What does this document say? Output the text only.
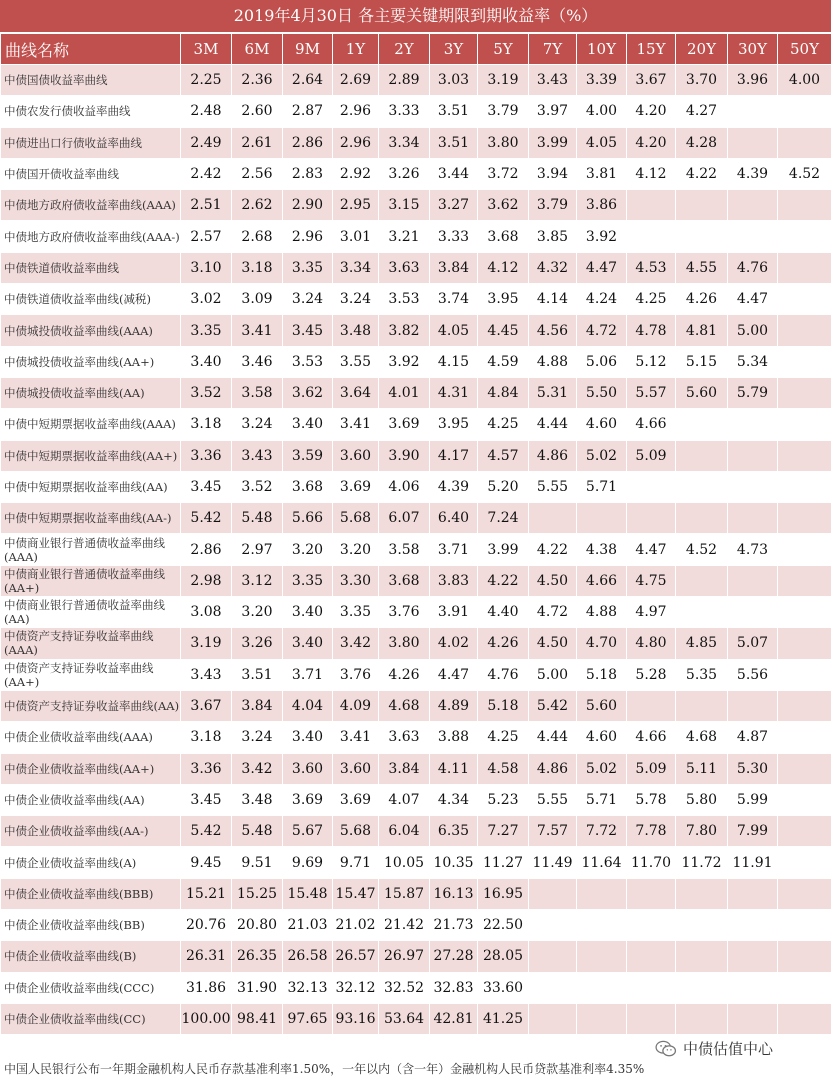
2019年4月30日 各主要关键期限到期收益率（%）
曲线名称	3M	6M	9M	1Y	2Y	3Y	5Y	7Y	10Y	15Y	20Y	30Y	50Y
中债国债收益率曲线	2.25	2.36	2.64	2.69	2.89	3.03	3.19	3.43	3.39	3.67	3.70	3.96	4.00
中债农发行债收益率曲线	2.48	2.60	2.87	2.96	3.33	3.51	3.79	3.97	4.00	4.20	4.27		
中债进出口行债收益率曲线	2.49	2.61	2.86	2.96	3.34	3.51	3.80	3.99	4.05	4.20	4.28		
中债国开债收益率曲线	2.42	2.56	2.83	2.92	3.26	3.44	3.72	3.94	3.81	4.12	4.22	4.39	4.52
中债地方政府债收益率曲线(AAA)	2.51	2.62	2.90	2.95	3.15	3.27	3.62	3.79	3.86				
中债地方政府债收益率曲线(AAA-)	2.57	2.68	2.96	3.01	3.21	3.33	3.68	3.85	3.92				
中债铁道债收益率曲线	3.10	3.18	3.35	3.34	3.63	3.84	4.12	4.32	4.47	4.53	4.55	4.76	
中债铁道债收益率曲线(减税)	3.02	3.09	3.24	3.24	3.53	3.74	3.95	4.14	4.24	4.25	4.26	4.47	
中债城投债收益率曲线(AAA)	3.35	3.41	3.45	3.48	3.82	4.05	4.45	4.56	4.72	4.78	4.81	5.00	
中债城投债收益率曲线(AA+)	3.40	3.46	3.53	3.55	3.92	4.15	4.59	4.88	5.06	5.12	5.15	5.34	
中债城投债收益率曲线(AA)	3.52	3.58	3.62	3.64	4.01	4.31	4.84	5.31	5.50	5.57	5.60	5.79	
中债中短期票据收益率曲线(AAA)	3.18	3.24	3.40	3.41	3.69	3.95	4.25	4.44	4.60	4.66			
中债中短期票据收益率曲线(AA+)	3.36	3.43	3.59	3.60	3.90	4.17	4.57	4.86	5.02	5.09			
中债中短期票据收益率曲线(AA)	3.45	3.52	3.68	3.69	4.06	4.39	5.20	5.55	5.71				
中债中短期票据收益率曲线(AA-)	5.42	5.48	5.66	5.68	6.07	6.40	7.24						
中债商业银行普通债收益率曲线(AAA)	2.86	2.97	3.20	3.20	3.58	3.71	3.99	4.22	4.38	4.47	4.52	4.73	
中债商业银行普通债收益率曲线(AA+)	2.98	3.12	3.35	3.30	3.68	3.83	4.22	4.50	4.66	4.75			
中债商业银行普通债收益率曲线(AA)	3.08	3.20	3.40	3.35	3.76	3.91	4.40	4.72	4.88	4.97			
中债资产支持证券收益率曲线(AAA)	3.19	3.26	3.40	3.42	3.80	4.02	4.26	4.50	4.70	4.80	4.85	5.07	
中债资产支持证券收益率曲线(AA+)	3.43	3.51	3.71	3.76	4.26	4.47	4.76	5.00	5.18	5.28	5.35	5.56	
中债资产支持证券收益率曲线(AA)	3.67	3.84	4.04	4.09	4.68	4.89	5.18	5.42	5.60				
中债企业债收益率曲线(AAA)	3.18	3.24	3.40	3.41	3.63	3.88	4.25	4.44	4.60	4.66	4.68	4.87	
中债企业债收益率曲线(AA+)	3.36	3.42	3.60	3.60	3.84	4.11	4.58	4.86	5.02	5.09	5.11	5.30	
中债企业债收益率曲线(AA)	3.45	3.48	3.69	3.69	4.07	4.34	5.23	5.55	5.71	5.78	5.80	5.99	
中债企业债收益率曲线(AA-)	5.42	5.48	5.67	5.68	6.04	6.35	7.27	7.57	7.72	7.78	7.80	7.99	
中债企业债收益率曲线(A)	9.45	9.51	9.69	9.71	10.05	10.35	11.27	11.49	11.64	11.70	11.72	11.91	
中债企业债收益率曲线(BBB)	15.21	15.25	15.48	15.47	15.87	16.13	16.95						
中债企业债收益率曲线(BB)	20.76	20.80	21.03	21.02	21.42	21.73	22.50						
中债企业债收益率曲线(B)	26.31	26.35	26.58	26.57	26.97	27.28	28.05						
中债企业债收益率曲线(CCC)	31.86	31.90	32.13	32.12	32.52	32.83	33.60						
中债企业债收益率曲线(CC)	100.00	98.41	97.65	93.16	53.64	42.81	41.25						
中国人民银行公布一年期金融机构人民币存款基准利率1.50%，一年以内（含一年）金融机构人民币贷款基准利率4.35%
中债估值中心
